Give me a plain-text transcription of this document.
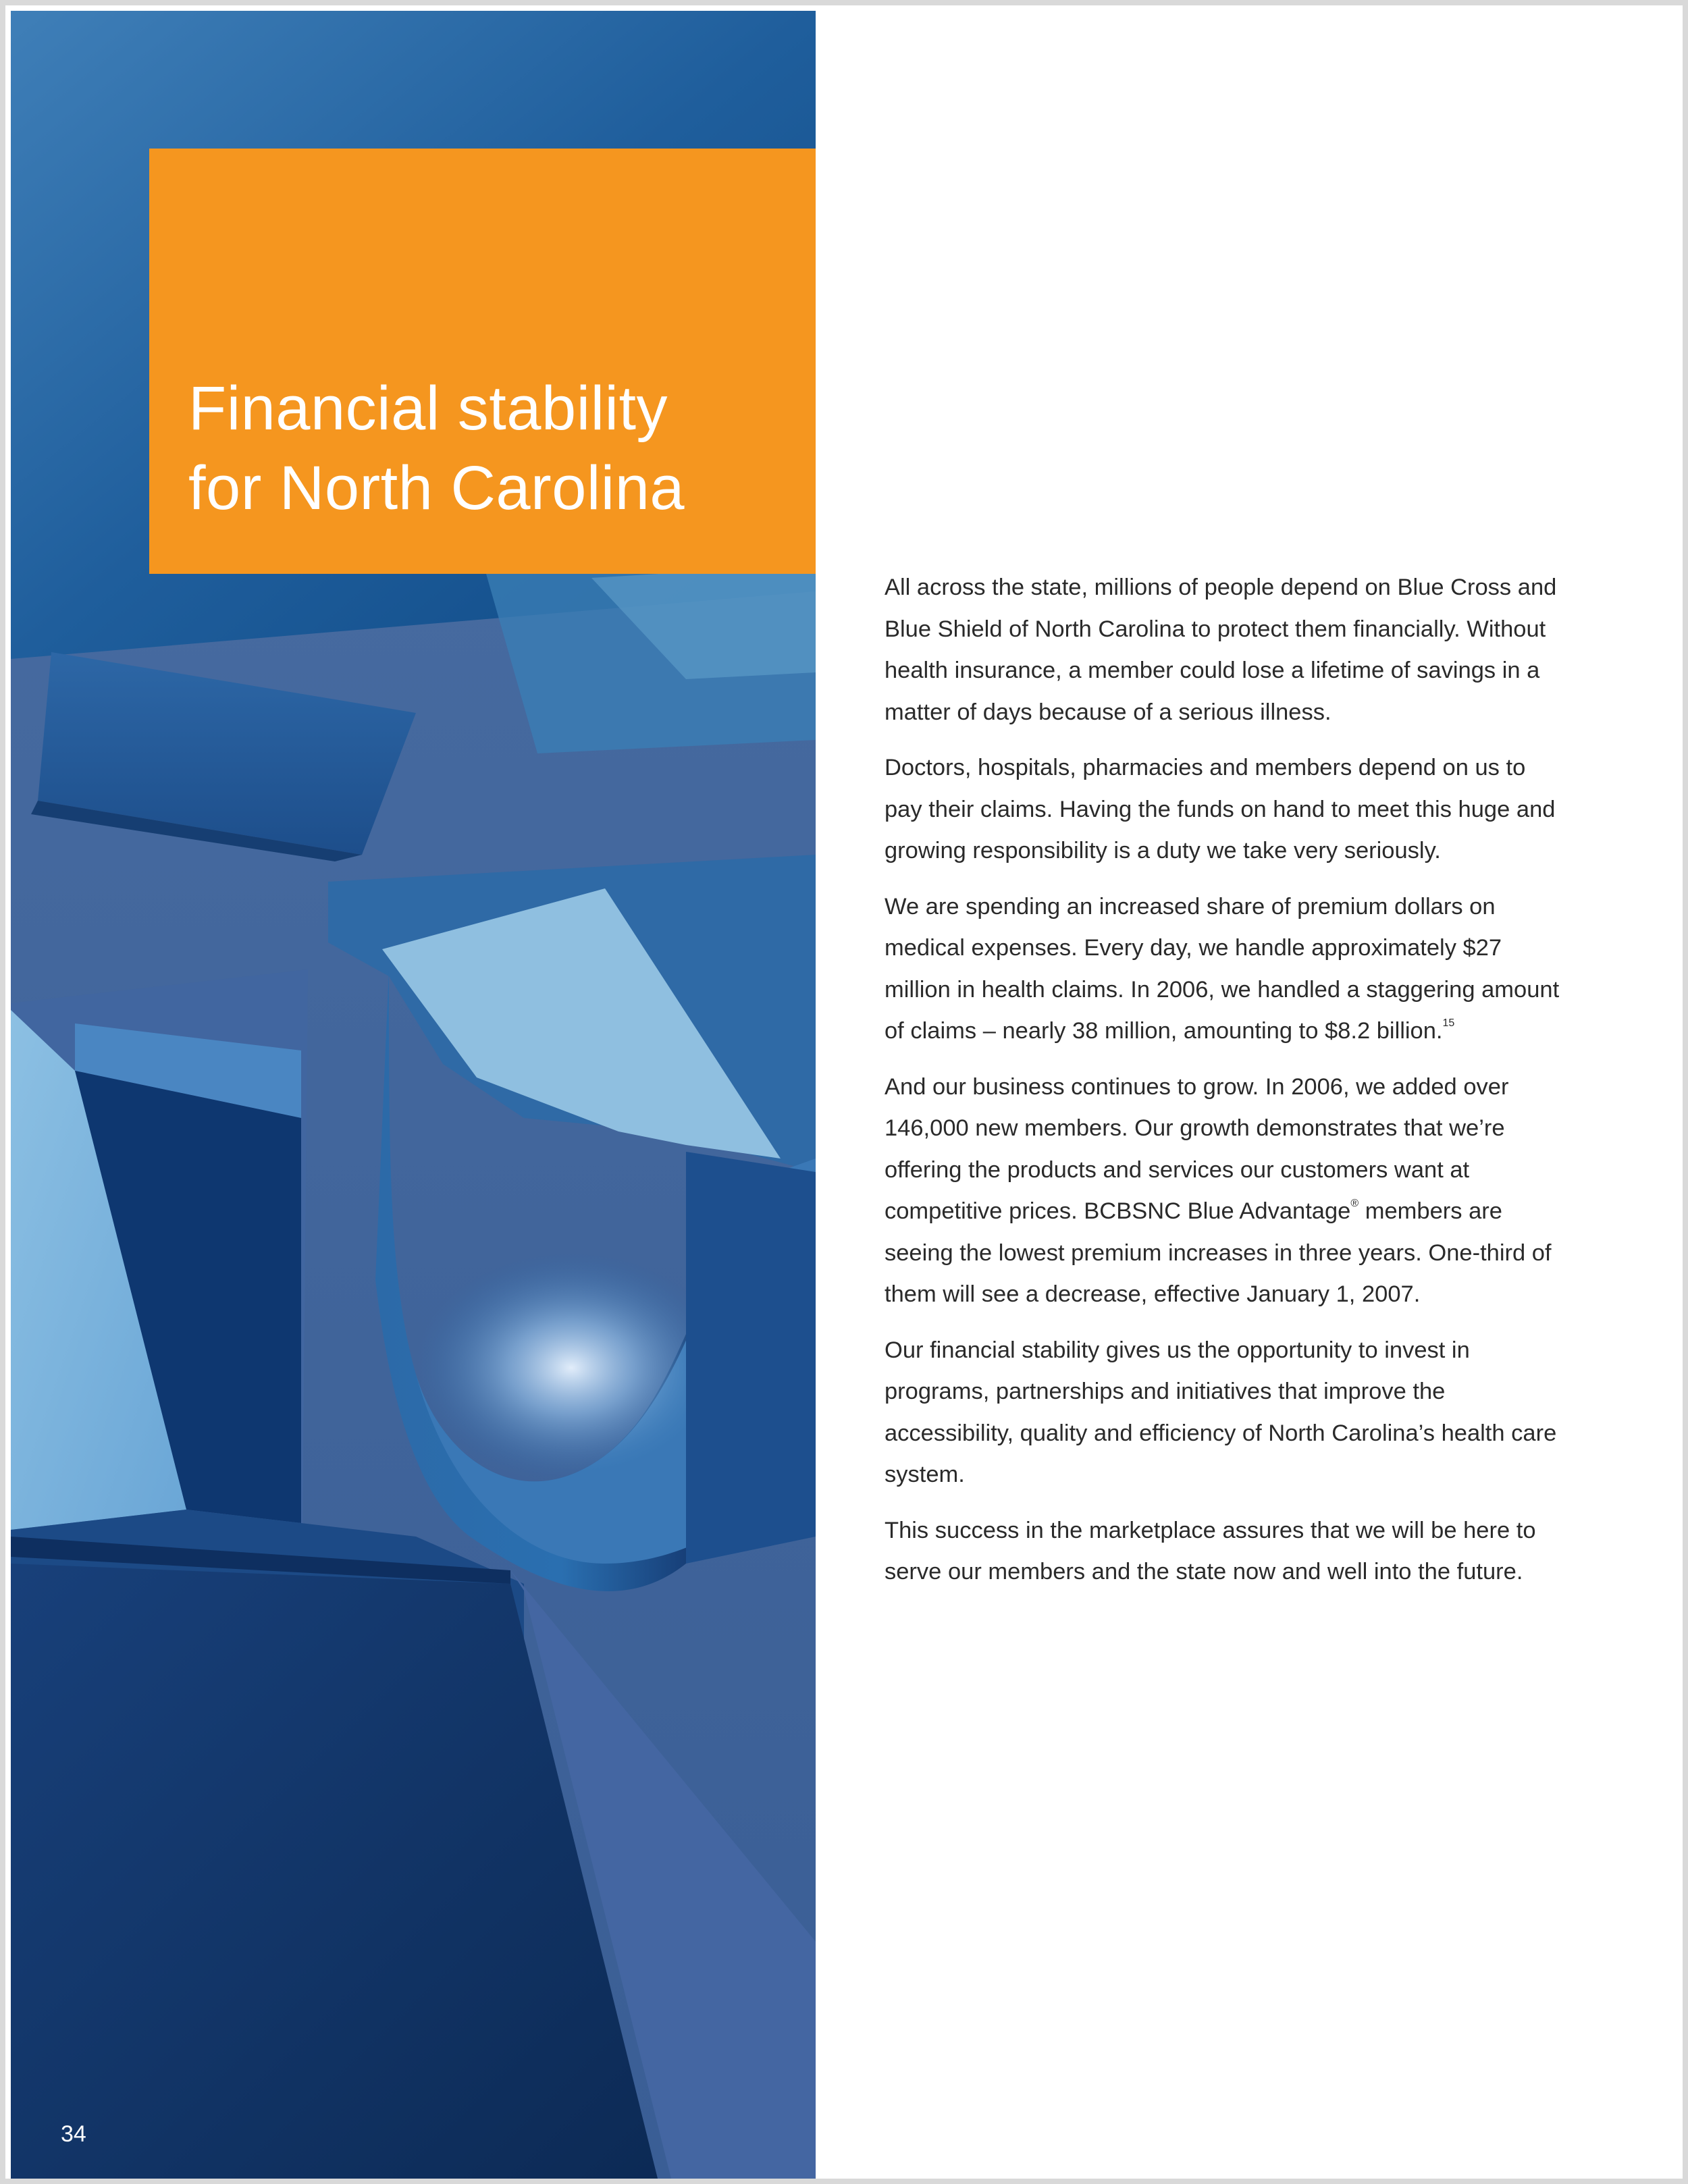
34
Financial stability
for North Carolina

All across the state, millions of people depend on Blue Cross and Blue Shield of North Carolina to protect them financially. Without health insurance, a member could lose a lifetime of savings in a matter of days because of a serious illness.

Doctors, hospitals, pharmacies and members depend on us to pay their claims. Having the funds on hand to meet this huge and growing responsibility is a duty we take very seriously.

We are spending an increased share of premium dollars on medical expenses. Every day, we handle approximately $27 million in health claims. In 2006, we handled a staggering amount of claims – nearly 38 million, amounting to $8.2 billion.$^{15}$

And our business continues to grow. In 2006, we added over 146,000 new members. Our growth demonstrates that we’re offering the products and services our customers want at competitive prices. BCBSNC Blue Advantage® members are seeing the lowest premium increases in three years. One-third of them will see a decrease, effective January 1, 2007.

Our financial stability gives us the opportunity to invest in programs, partnerships and initiatives that improve the accessibility, quality and efficiency of North Carolina’s health care system.

This success in the marketplace assures that we will be here to serve our members and the state now and well into the future.
